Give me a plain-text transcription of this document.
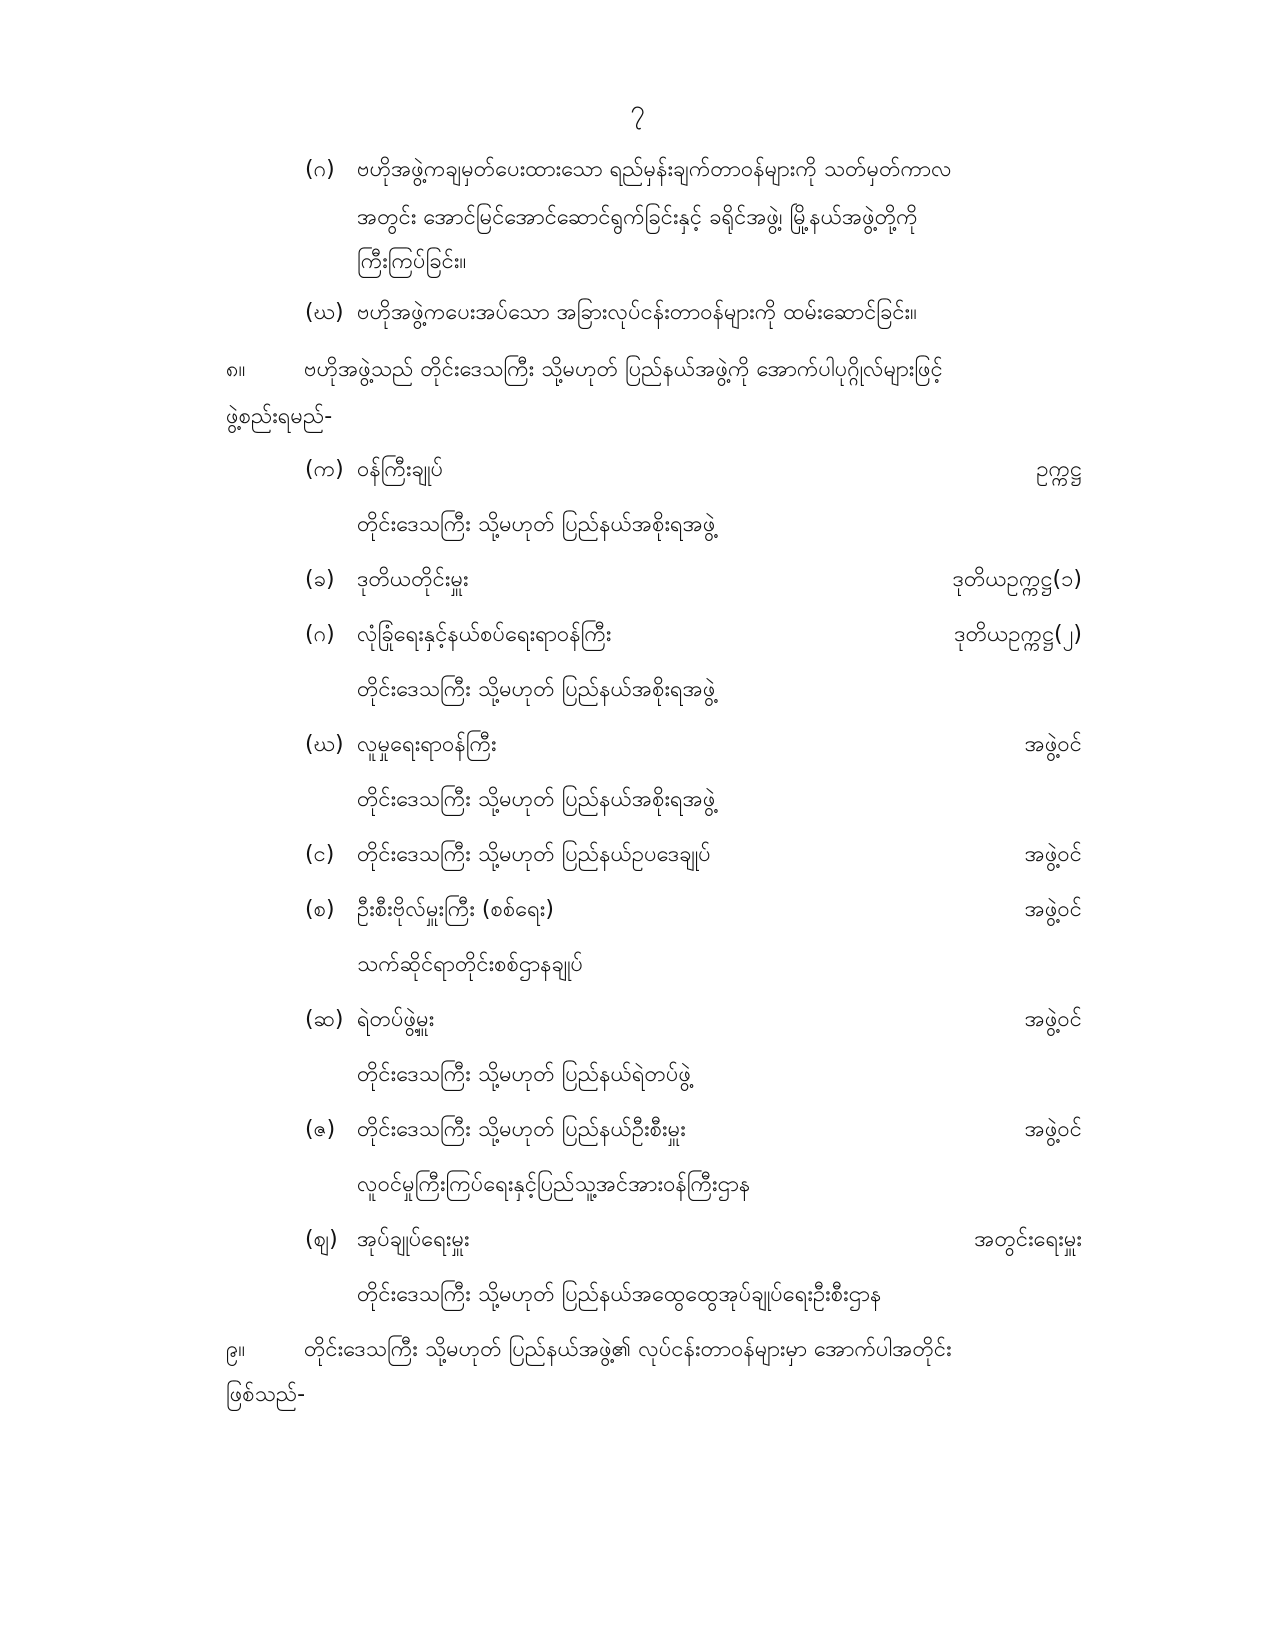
၇
(ဂ) ဗဟိုအဖွဲ့ကချမှတ်ပေးထားသော ရည်မှန်းချက်တာဝန်များကို သတ်မှတ်ကာလ
အတွင်း အောင်မြင်အောင်ဆောင်ရွက်ခြင်းနှင့် ခရိုင်အဖွဲ့၊ မြို့နယ်အဖွဲ့တို့ကို
ကြီးကြပ်ခြင်း။
(ဃ) ဗဟိုအဖွဲ့ကပေးအပ်သော အခြားလုပ်ငန်းတာဝန်များကို ထမ်းဆောင်ခြင်း။
၈။	ဗဟိုအဖွဲ့သည် တိုင်းဒေသကြီး သို့မဟုတ် ပြည်နယ်အဖွဲ့ကို အောက်ပါပုဂ္ဂိုလ်များဖြင့်
ဖွဲ့စည်းရမည်-
(က) ဝန်ကြီးချုပ်	ဥက္ကဋ္ဌ
တိုင်းဒေသကြီး သို့မဟုတ် ပြည်နယ်အစိုးရအဖွဲ့
(ခ) ဒုတိယတိုင်းမှူး	ဒုတိယဥက္ကဋ္ဌ(၁)
(ဂ) လုံခြုံရေးနှင့်နယ်စပ်ရေးရာဝန်ကြီး	ဒုတိယဥက္ကဋ္ဌ(၂)
တိုင်းဒေသကြီး သို့မဟုတ် ပြည်နယ်အစိုးရအဖွဲ့
(ဃ) လူမှုရေးရာဝန်ကြီး	အဖွဲ့ဝင်
တိုင်းဒေသကြီး သို့မဟုတ် ပြည်နယ်အစိုးရအဖွဲ့
(င) တိုင်းဒေသကြီး သို့မဟုတ် ပြည်နယ်ဥပဒေချုပ်	အဖွဲ့ဝင်
(စ) ဦးစီးဗိုလ်မှူးကြီး (စစ်ရေး)	အဖွဲ့ဝင်
သက်ဆိုင်ရာတိုင်းစစ်ဌာနချုပ်
(ဆ) ရဲတပ်ဖွဲ့မှူး	အဖွဲ့ဝင်
တိုင်းဒေသကြီး သို့မဟုတ် ပြည်နယ်ရဲတပ်ဖွဲ့
(ဇ) တိုင်းဒေသကြီး သို့မဟုတ် ပြည်နယ်ဦးစီးမှူး	အဖွဲ့ဝင်
လူဝင်မှုကြီးကြပ်ရေးနှင့်ပြည်သူ့အင်အားဝန်ကြီးဌာန
(ဈ) အုပ်ချုပ်ရေးမှူး	အတွင်းရေးမှူး
တိုင်းဒေသကြီး သို့မဟုတ် ပြည်နယ်အထွေထွေအုပ်ချုပ်ရေးဦးစီးဌာန
၉။	တိုင်းဒေသကြီး သို့မဟုတ် ပြည်နယ်အဖွဲ့၏ လုပ်ငန်းတာဝန်များမှာ အောက်ပါအတိုင်း
ဖြစ်သည်-
